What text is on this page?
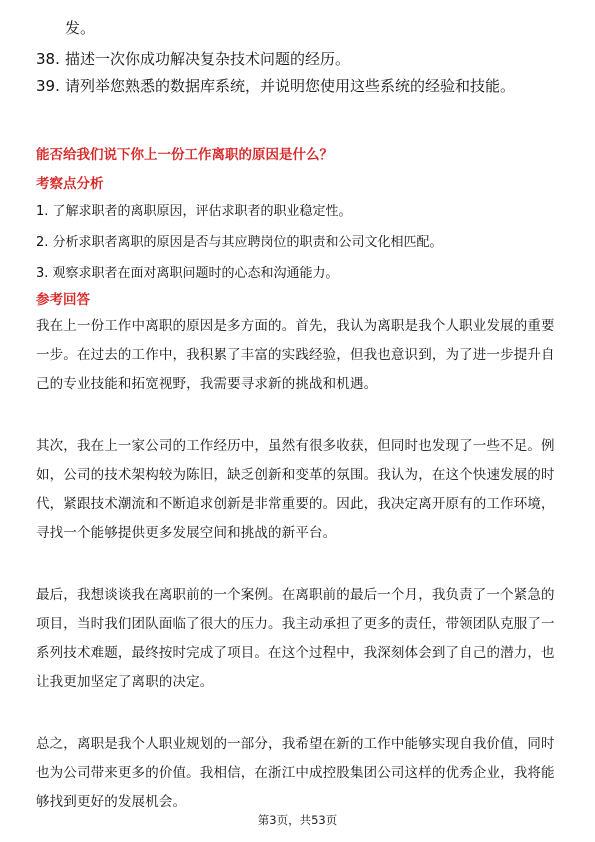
发。

38. 描述一次你成功解决复杂技术问题的经历。
39. 请列举您熟悉的数据库系统，并说明您使用这些系统的经验和技能。

能否给我们说下你上一份工作离职的原因是什么？

考察点分析

1. 了解求职者的离职原因，评估求职者的职业稳定性。

2. 分析求职者离职的原因是否与其应聘岗位的职责和公司文化相匹配。

3. 观察求职者在面对离职问题时的心态和沟通能力。

参考回答

我在上一份工作中离职的原因是多方面的。首先，我认为离职是我个人职业发展的重要一步。在过去的工作中，我积累了丰富的实践经验，但我也意识到，为了进一步提升自己的专业技能和拓宽视野，我需要寻求新的挑战和机遇。

其次，我在上一家公司的工作经历中，虽然有很多收获，但同时也发现了一些不足。例如，公司的技术架构较为陈旧，缺乏创新和变革的氛围。我认为，在这个快速发展的时代，紧跟技术潮流和不断追求创新是非常重要的。因此，我决定离开原有的工作环境，寻找一个能够提供更多发展空间和挑战的新平台。

最后，我想谈谈我在离职前的一个案例。在离职前的最后一个月，我负责了一个紧急的项目，当时我们团队面临了很大的压力。我主动承担了更多的责任，带领团队克服了一系列技术难题，最终按时完成了项目。在这个过程中，我深刻体会到了自己的潜力，也让我更加坚定了离职的决定。

总之，离职是我个人职业规划的一部分，我希望在新的工作中能够实现自我价值，同时也为公司带来更多的价值。我相信，在浙江中成控股集团公司这样的优秀企业，我将能够找到更好的发展机会。

第3页，共53页
